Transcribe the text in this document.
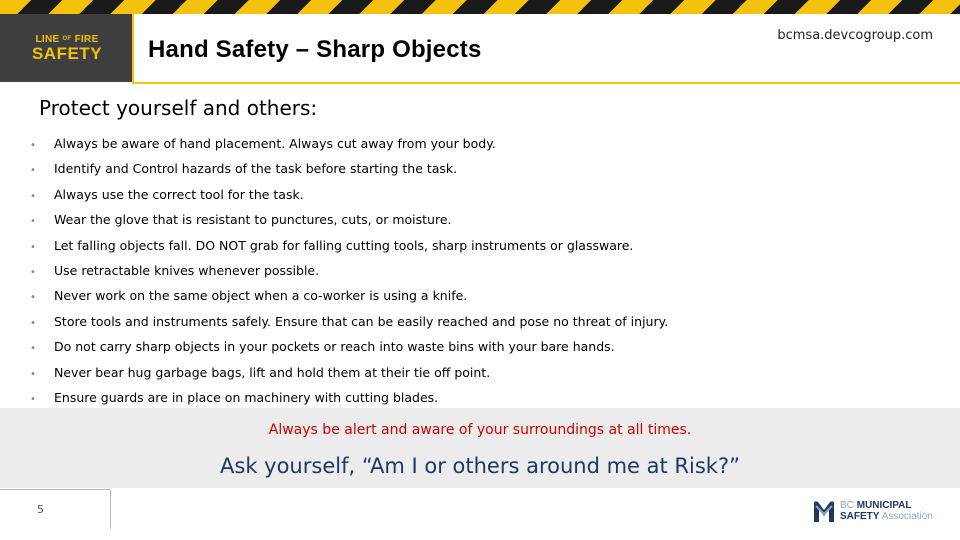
LINE $^{OF}$ FIRE
SAFETY Hand Safety – Sharp Objects
bcmsa.devcogroup.com
Protect yourself and others:
• Always be aware of hand placement. Always cut away from your body.
• Identify and Control hazards of the task before starting the task.
• Always use the correct tool for the task.
• Wear the glove that is resistant to punctures, cuts, or moisture.
• Let falling objects fall. DO NOT grab for falling cutting tools, sharp instruments or glassware.
• Use retractable knives whenever possible.
• Never work on the same object when a co-worker is using a knife.
• Store tools and instruments safely. Ensure that can be easily reached and pose no threat of injury.
• Do not carry sharp objects in your pockets or reach into waste bins with your bare hands.
• Never bear hug garbage bags, lift and hold them at their tie off point.
• Ensure guards are in place on machinery with cutting blades.
Always be alert and aware of your surroundings at all times.
Ask yourself, “Am I or others around me at Risk?”
5	BC MUNICIPAL
SAFETY Association
